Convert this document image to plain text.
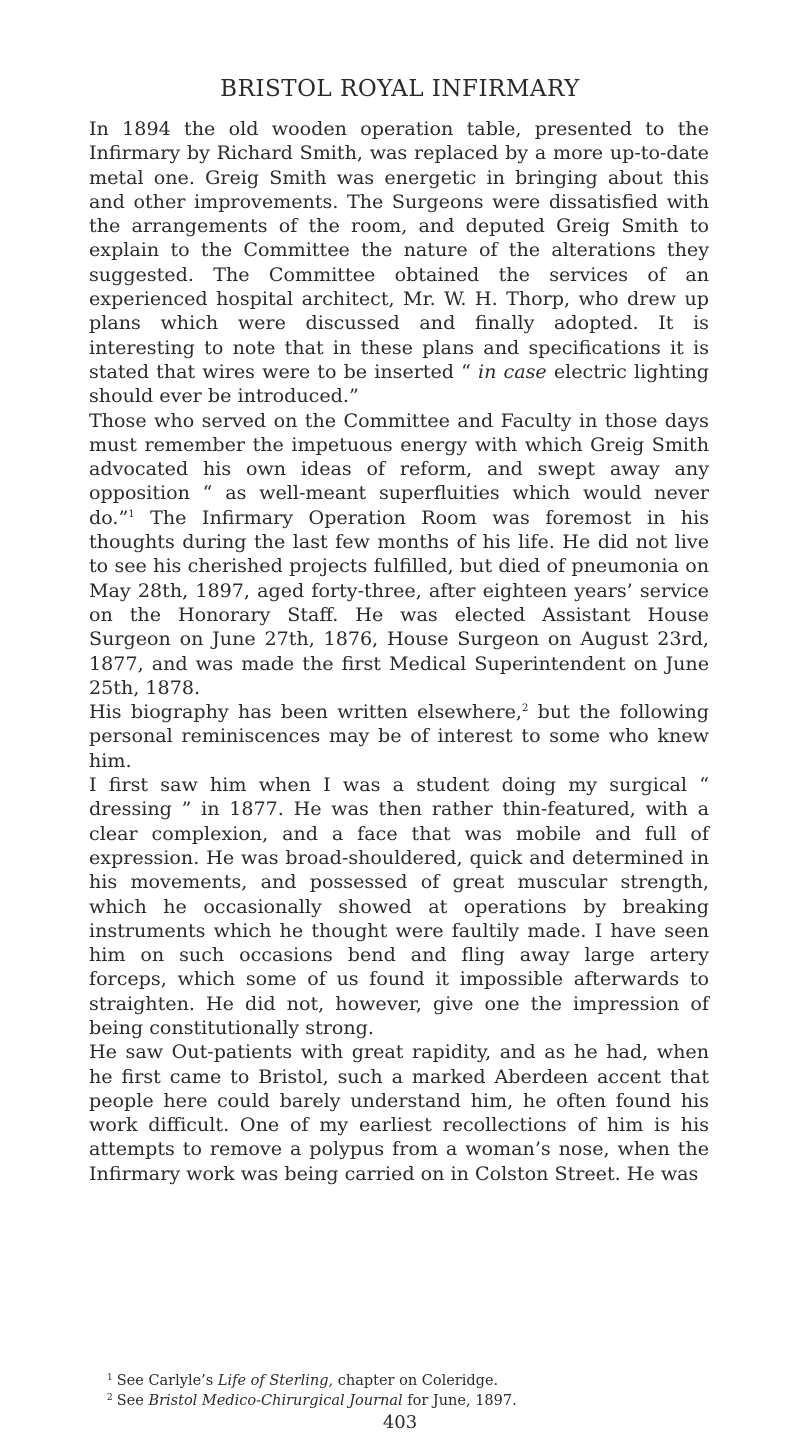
BRISTOL ROYAL INFIRMARY

In 1894 the old wooden operation table, presented to the Infirmary by Richard Smith, was replaced by a more up-to-date metal one. Greig Smith was energetic in bringing about this and other improvements. The Surgeons were dissatisfied with the arrangements of the room, and deputed Greig Smith to explain to the Committee the nature of the alterations they suggested. The Committee obtained the services of an experienced hospital architect, Mr. W. H. Thorp, who drew up plans which were discussed and finally adopted. It is interesting to note that in these plans and specifications it is stated that wires were to be inserted “ in case electric lighting should ever be introduced.”

Those who served on the Committee and Faculty in those days must remember the impetuous energy with which Greig Smith advocated his own ideas of reform, and swept away any opposition “ as well-meant superfluities which would never do.”$^1$ The Infirmary Operation Room was foremost in his thoughts during the last few months of his life. He did not live to see his cherished projects fulfilled, but died of pneumonia on May 28th, 1897, aged forty-three, after eighteen years’ service on the Honorary Staff. He was elected Assistant House Surgeon on June 27th, 1876, House Surgeon on August 23rd, 1877, and was made the first Medical Superintendent on June 25th, 1878.

His biography has been written elsewhere,$^2$ but the following personal reminiscences may be of interest to some who knew him.

I first saw him when I was a student doing my surgical “ dressing ” in 1877. He was then rather thin-featured, with a clear complexion, and a face that was mobile and full of expression. He was broad-shouldered, quick and determined in his movements, and possessed of great muscular strength, which he occasionally showed at operations by breaking instruments which he thought were faultily made. I have seen him on such occasions bend and fling away large artery forceps, which some of us found it impossible afterwards to straighten. He did not, however, give one the impression of being constitutionally strong.

He saw Out-patients with great rapidity, and as he had, when he first came to Bristol, such a marked Aberdeen accent that people here could barely understand him, he often found his work difficult. One of my earliest recollections of him is his attempts to remove a polypus from a woman’s nose, when the Infirmary work was being carried on in Colston Street. He was

$^1$ See Carlyle’s Life of Sterling, chapter on Coleridge.

$^2$ See Bristol Medico-Chirurgical Journal for June, 1897.

403
